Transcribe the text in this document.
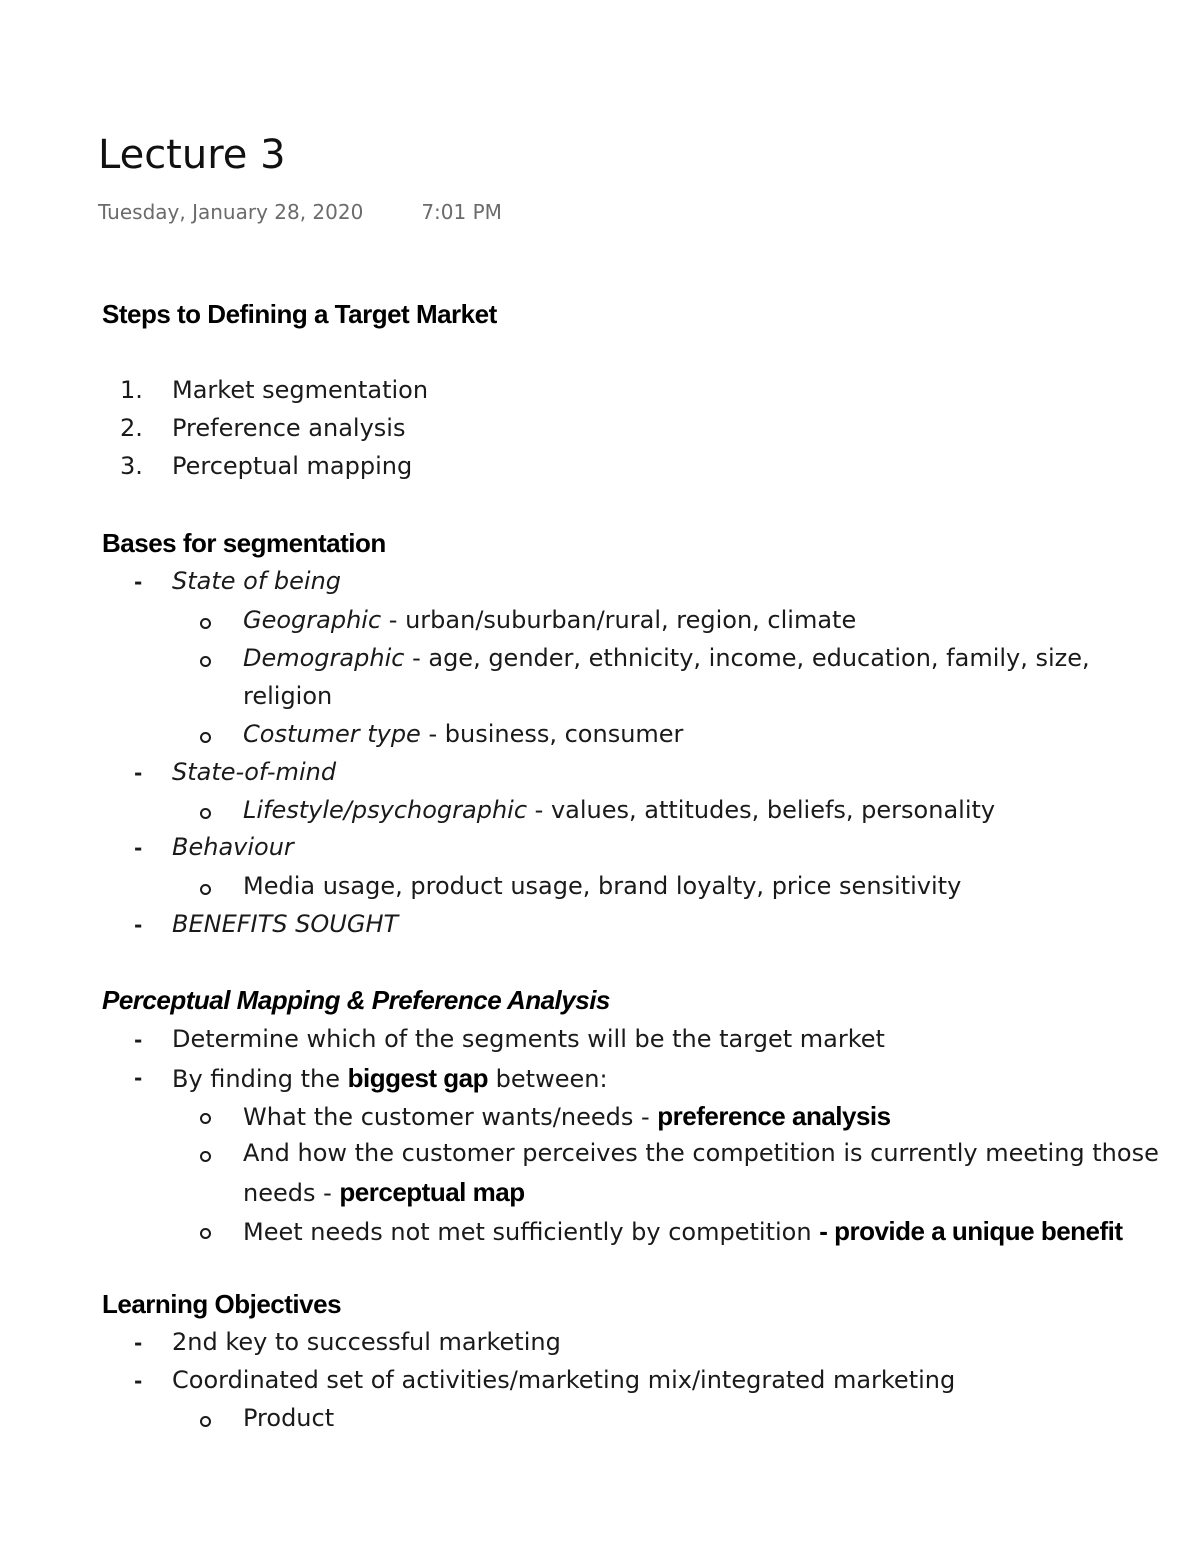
Lecture 3
Tuesday, January 28, 2020	7:01 PM
Steps to Defining a Target Market
1. Market segmentation
2. Preference analysis
3. Perceptual mapping
Bases for segmentation
- State of being
Geographic - urban/suburban/rural, region, climate
Demographic - age, gender, ethnicity, income, education, family, size,
religion
Costumer type - business, consumer
- State-of-mind
Lifestyle/psychographic - values, attitudes, beliefs, personality
- Behaviour
Media usage, product usage, brand loyalty, price sensitivity
- BENEFITS SOUGHT
Perceptual Mapping & Preference Analysis
- Determine which of the segments will be the target market
- By finding the biggest gap between:
What the customer wants/needs - preference analysis
And how the customer perceives the competition is currently meeting those
needs - perceptual map
Meet needs not met sufficiently by competition - provide a unique benefit
Learning Objectives
- 2nd key to successful marketing
- Coordinated set of activities/marketing mix/integrated marketing
Product
